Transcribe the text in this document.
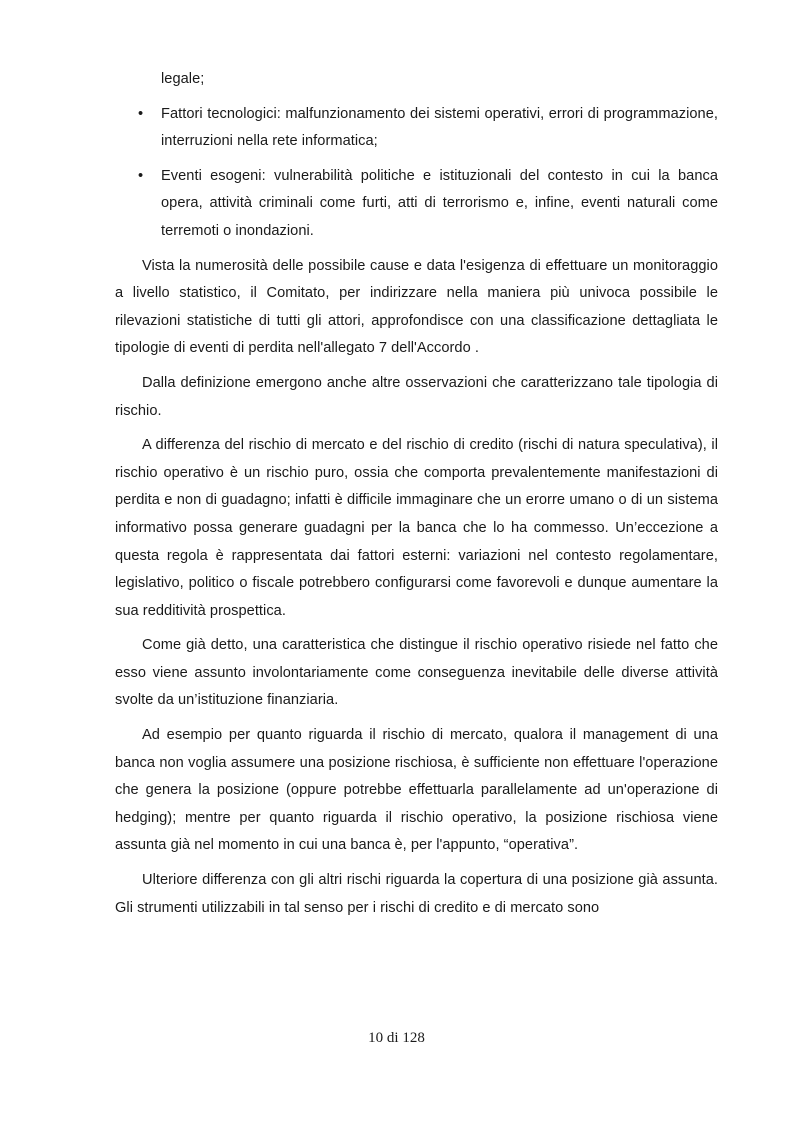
legale;

• Fattori tecnologici: malfunzionamento dei sistemi operativi, errori di programmazione, interruzioni nella rete informatica;
• Eventi esogeni: vulnerabilità politiche e istituzionali del contesto in cui la banca opera, attività criminali come furti, atti di terrorismo e, infine, eventi naturali come terremoti o inondazioni.

Vista la numerosità delle possibile cause e data l'esigenza di effettuare un monitoraggio a livello statistico, il Comitato, per indirizzare nella maniera più univoca possibile le rilevazioni statistiche di tutti gli attori, approfondisce con una classificazione dettagliata le tipologie di eventi di perdita nell'allegato 7 dell'Accordo .

Dalla definizione emergono anche altre osservazioni che caratterizzano tale tipologia di rischio.

A differenza del rischio di mercato e del rischio di credito (rischi di natura speculativa), il rischio operativo è un rischio puro, ossia che comporta prevalentemente manifestazioni di perdita e non di guadagno; infatti è difficile immaginare che un erorre umano o di un sistema informativo possa generare guadagni per la banca che lo ha commesso. Un’eccezione a questa regola è rappresentata dai fattori esterni: variazioni nel contesto regolamentare, legislativo, politico o fiscale potrebbero configurarsi come favorevoli e dunque aumentare la sua redditività prospettica.

Come già detto, una caratteristica che distingue il rischio operativo risiede nel fatto che esso viene assunto involontariamente come conseguenza inevitabile delle diverse attività svolte da un’istituzione finanziaria.

Ad esempio per quanto riguarda il rischio di mercato, qualora il management di una banca non voglia assumere una posizione rischiosa, è sufficiente non effettuare l'operazione che genera la posizione (oppure potrebbe effettuarla parallelamente ad un'operazione di hedging); mentre per quanto riguarda il rischio operativo, la posizione rischiosa viene assunta già nel momento in cui una banca è, per l'appunto, “operativa”.

Ulteriore differenza con gli altri rischi riguarda la copertura di una posizione già assunta. Gli strumenti utilizzabili in tal senso per i rischi di credito e di mercato sono

10 di 128
